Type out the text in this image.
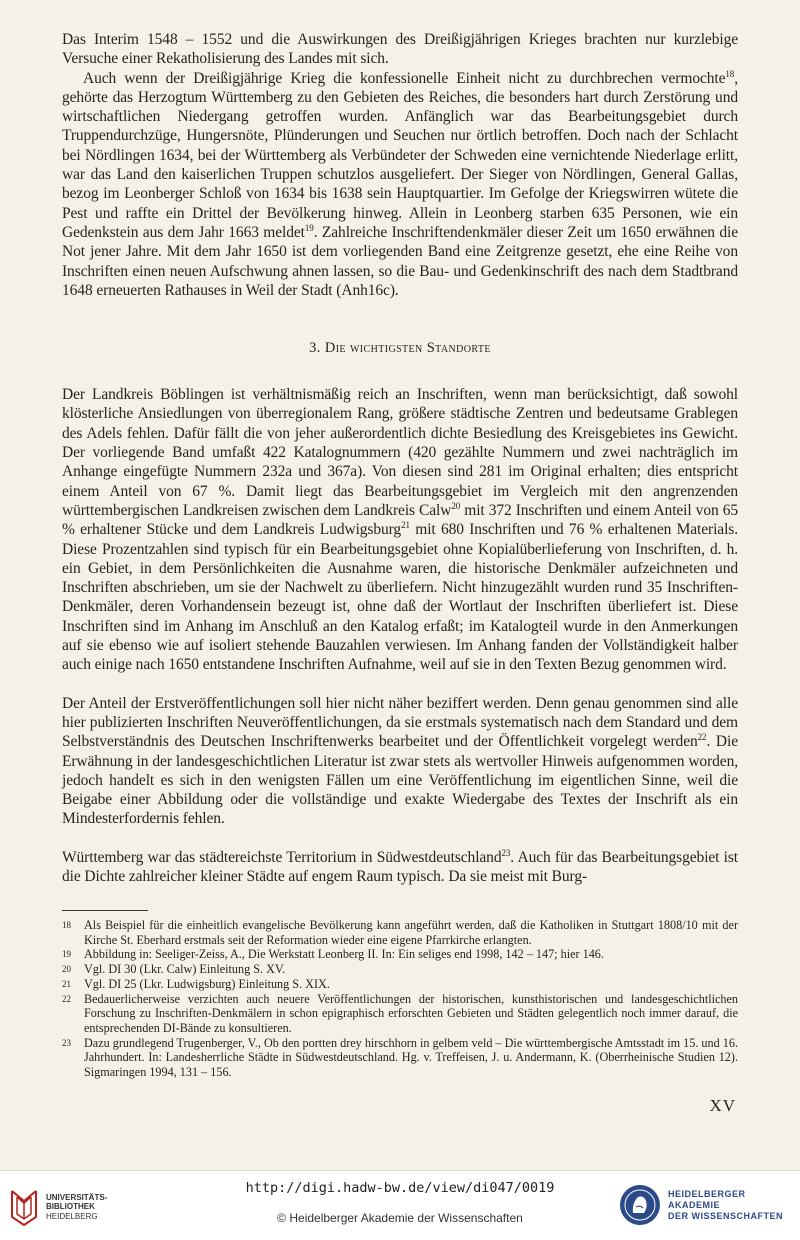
Das Interim 1548 – 1552 und die Auswirkungen des Dreißigjährigen Krieges brachten nur kurzlebige Versuche einer Rekatholisierung des Landes mit sich.

Auch wenn der Dreißigjährige Krieg die konfessionelle Einheit nicht zu durchbrechen vermochte$^{18}$, gehörte das Herzogtum Württemberg zu den Gebieten des Reiches, die besonders hart durch Zerstörung und wirtschaftlichen Niedergang getroffen wurden. Anfänglich war das Bearbeitungsgebiet durch Truppendurchzüge, Hungersnöte, Plünderungen und Seuchen nur örtlich betroffen. Doch nach der Schlacht bei Nördlingen 1634, bei der Württemberg als Verbündeter der Schweden eine vernichtende Niederlage erlitt, war das Land den kaiserlichen Truppen schutzlos ausgeliefert. Der Sieger von Nördlingen, General Gallas, bezog im Leonberger Schloß von 1634 bis 1638 sein Hauptquartier. Im Gefolge der Kriegswirren wütete die Pest und raffte ein Drittel der Bevölkerung hinweg. Allein in Leonberg starben 635 Personen, wie ein Gedenkstein aus dem Jahr 1663 meldet$^{19}$. Zahlreiche Inschriftendenkmäler dieser Zeit um 1650 erwähnen die Not jener Jahre. Mit dem Jahr 1650 ist dem vorliegenden Band eine Zeitgrenze gesetzt, ehe eine Reihe von Inschriften einen neuen Aufschwung ahnen lassen, so die Bau- und Gedenkinschrift des nach dem Stadtbrand 1648 erneuerten Rathauses in Weil der Stadt (Anh16c).

3. Die wichtigsten Standorte

Der Landkreis Böblingen ist verhältnismäßig reich an Inschriften, wenn man berücksichtigt, daß sowohl klösterliche Ansiedlungen von überregionalem Rang, größere städtische Zentren und bedeutsame Grablegen des Adels fehlen. Dafür fällt die von jeher außerordentlich dichte Besiedlung des Kreisgebietes ins Gewicht. Der vorliegende Band umfaßt 422 Katalognummern (420 gezählte Nummern und zwei nachträglich im Anhange eingefügte Nummern 232a und 367a). Von diesen sind 281 im Original erhalten; dies entspricht einem Anteil von 67 %. Damit liegt das Bearbeitungsgebiet im Vergleich mit den angrenzenden württembergischen Landkreisen zwischen dem Landkreis Calw$^{20}$ mit 372 Inschriften und einem Anteil von 65 % erhaltener Stücke und dem Landkreis Ludwigsburg$^{21}$ mit 680 Inschriften und 76 % erhaltenen Materials. Diese Prozentzahlen sind typisch für ein Bearbeitungsgebiet ohne Kopialüberlieferung von Inschriften, d. h. ein Gebiet, in dem Persönlichkeiten die Ausnahme waren, die historische Denkmäler aufzeichneten und Inschriften abschrieben, um sie der Nachwelt zu überliefern. Nicht hinzugezählt wurden rund 35 Inschriften-Denkmäler, deren Vorhandensein bezeugt ist, ohne daß der Wortlaut der Inschriften überliefert ist. Diese Inschriften sind im Anhang im Anschluß an den Katalog erfaßt; im Katalogteil wurde in den Anmerkungen auf sie ebenso wie auf isoliert stehende Bauzahlen verwiesen. Im Anhang fanden der Vollständigkeit halber auch einige nach 1650 entstandene Inschriften Aufnahme, weil auf sie in den Texten Bezug genommen wird.

Der Anteil der Erstveröffentlichungen soll hier nicht näher beziffert werden. Denn genau genommen sind alle hier publizierten Inschriften Neuveröffentlichungen, da sie erstmals systematisch nach dem Standard und dem Selbstverständnis des Deutschen Inschriftenwerks bearbeitet und der Öffentlichkeit vorgelegt werden$^{22}$. Die Erwähnung in der landesgeschichtlichen Literatur ist zwar stets als wertvoller Hinweis aufgenommen worden, jedoch handelt es sich in den wenigsten Fällen um eine Veröffentlichung im eigentlichen Sinne, weil die Beigabe einer Abbildung oder die vollständige und exakte Wiedergabe des Textes der Inschrift als ein Mindesterfordernis fehlen.

Württemberg war das städtereichste Territorium in Südwestdeutschland$^{23}$. Auch für das Bearbeitungsgebiet ist die Dichte zahlreicher kleiner Städte auf engem Raum typisch. Da sie meist mit Burg-

18	Als Beispiel für die einheitlich evangelische Bevölkerung kann angeführt werden, daß die Katholiken in Stuttgart 1808/10 mit der Kirche St. Eberhard erstmals seit der Reformation wieder eine eigene Pfarrkirche erlangten.
19	Abbildung in: Seeliger-Zeiss, A., Die Werkstatt Leonberg II. In: Ein seliges end 1998, 142 – 147; hier 146.
20	Vgl. DI 30 (Lkr. Calw) Einleitung S. XV.
21	Vgl. DI 25 (Lkr. Ludwigsburg) Einleitung S. XIX.
22	Bedauerlicherweise verzichten auch neuere Veröffentlichungen der historischen, kunsthistorischen und landesgeschichtlichen Forschung zu Inschriften-Denkmälern in schon epigraphisch erforschten Gebieten und Städten gelegentlich noch immer darauf, die entsprechenden DI-Bände zu konsultieren.
23	Dazu grundlegend Trugenberger, V., Ob den portten drey hirschhorn in gelbem veld – Die württembergische Amtsstadt im 15. und 16. Jahrhundert. In: Landesherrliche Städte in Südwestdeutschland. Hg. v. Treffeisen, J. u. Andermann, K. (Oberrheinische Studien 12). Sigmaringen 1994, 131 – 156.
XV
UNIVERSITÄTS-
BIBLIOTHEK
HEIDELBERG
http://digi.hadw-bw.de/view/di047/0019
© Heidelberger Akademie der Wissenschaften
HEIDELBERGER AKADEMIE
DER WISSENSCHAFTEN
